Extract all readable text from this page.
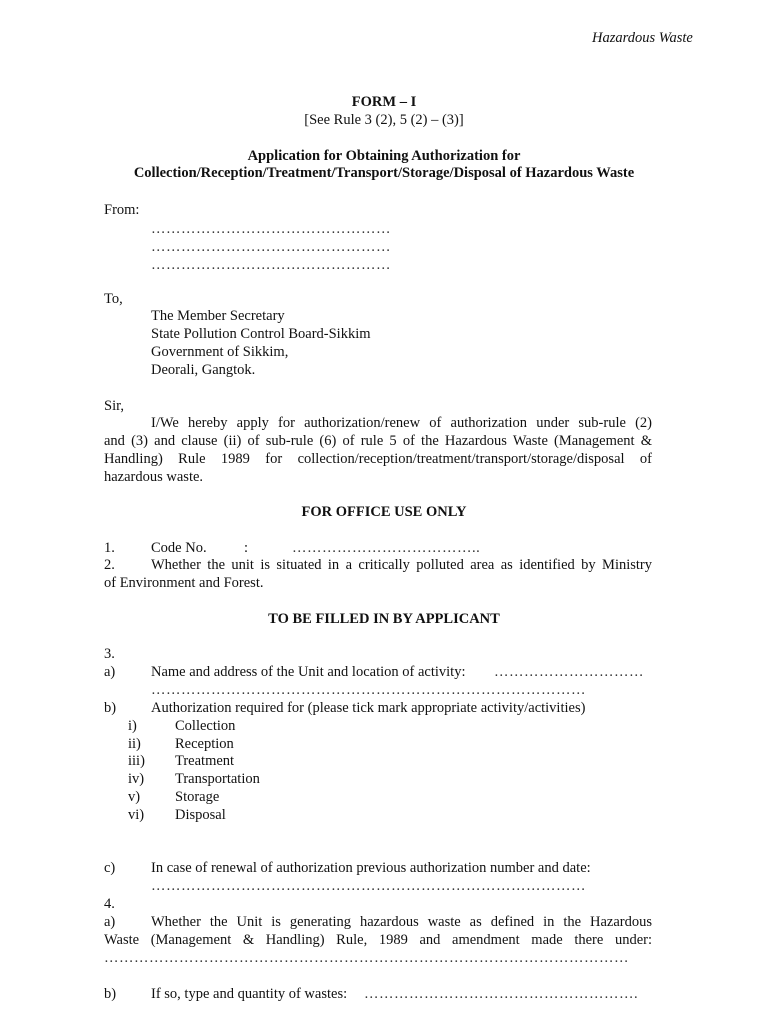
Hazardous Waste
FORM – I
[See Rule 3 (2), 5 (2) – (3)]
Application for Obtaining Authorization for
Collection/Reception/Treatment/Transport/Storage/Disposal of Hazardous Waste
From:
…………………………………………
…………………………………………
…………………………………………
To,
The Member Secretary
State Pollution Control Board-Sikkim
Government of Sikkim,
Deorali, Gangtok.
Sir,
I/We hereby apply for authorization/renew of authorization under sub-rule (2)
and (3) and clause (ii) of sub-rule (6) of rule 5 of the Hazardous Waste (Management &
Handling) Rule 1989 for collection/reception/treatment/transport/storage/disposal of
hazardous waste.
FOR OFFICE USE ONLY
1. Code No.	:	………………………………..
2. Whether the unit is situated in a critically polluted area as identified by Ministry
of Environment and Forest.
TO BE FILLED IN BY APPLICANT
3.
a) Name and address of the Unit and location of activity: …………………………
……………………………………………………………………………
b) Authorization required for (please tick mark appropriate activity/activities)
i)	Collection
ii) Reception
iii) Treatment
iv) Transportation
v) Storage
vi) Disposal
c) In case of renewal of authorization previous authorization number and date:
……………………………………………………………………………
4.
a) Whether the Unit is generating hazardous waste as defined in the Hazardous
Waste (Management & Handling) Rule, 1989 and amendment made there under:
……………………………………………………………………………………………
b) If so, type and quantity of wastes: ……………………………………………….
